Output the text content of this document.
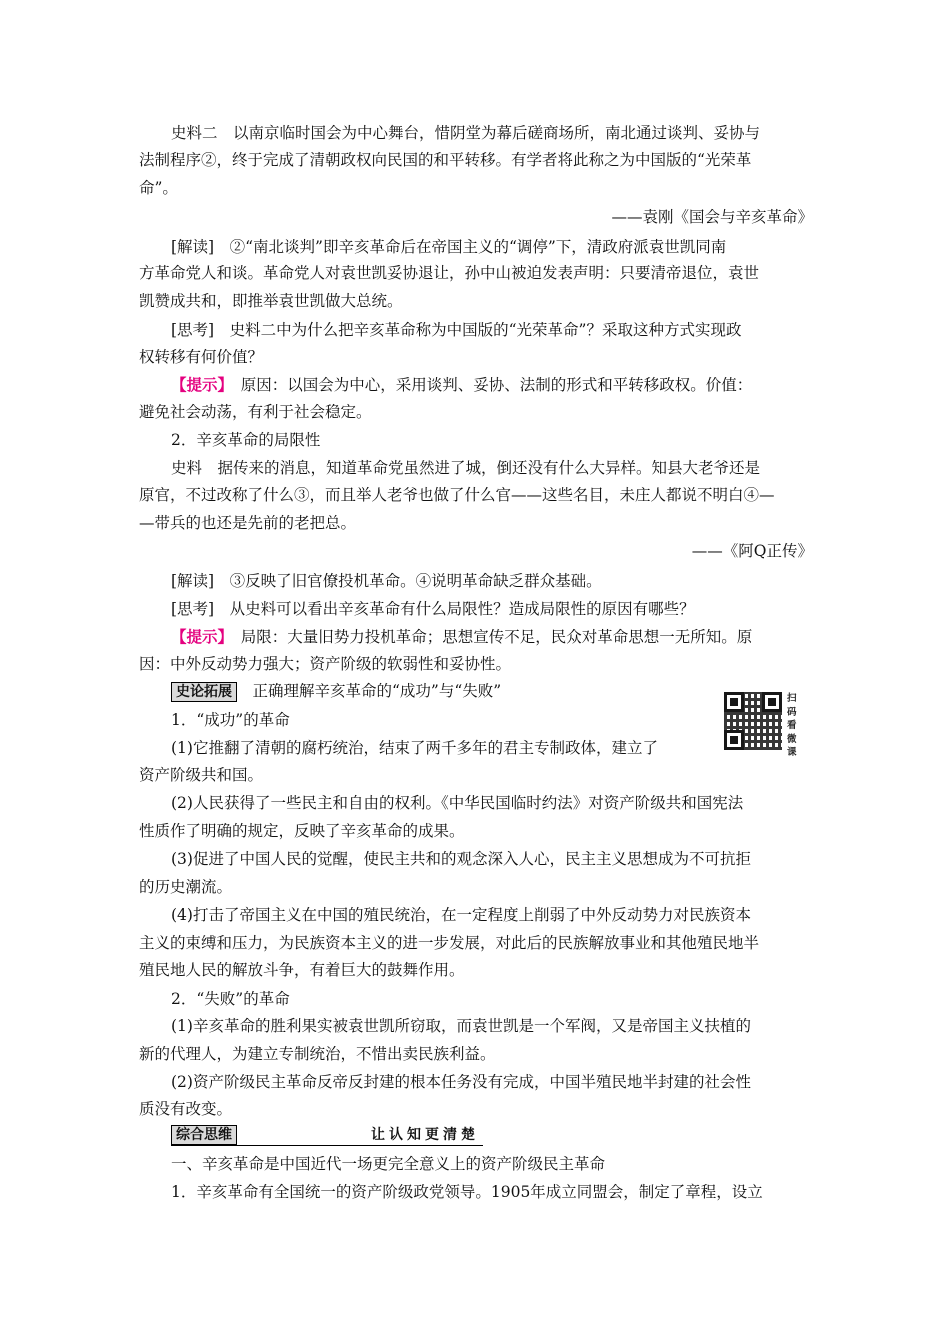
史料二　以南京临时国会为中心舞台，惜阴堂为幕后磋商场所，南北通过谈判、妥协与
法制程序②，终于完成了清朝政权向民国的和平转移。有学者将此称之为中国版的“光荣革
命”。
——袁刚《国会与辛亥革命》
[解读]　②“南北谈判”即辛亥革命后在帝国主义的“调停”下，清政府派袁世凯同南
方革命党人和谈。革命党人对袁世凯妥协退让，孙中山被迫发表声明：只要清帝退位，袁世
凯赞成共和，即推举袁世凯做大总统。
[思考]　史料二中为什么把辛亥革命称为中国版的“光荣革命”？采取这种方式实现政
权转移有何价值？
【提示】　原因：以国会为中心，采用谈判、妥协、法制的形式和平转移政权。价值：
避免社会动荡，有利于社会稳定。
2．辛亥革命的局限性
史料　据传来的消息，知道革命党虽然进了城，倒还没有什么大异样。知县大老爷还是
原官，不过改称了什么③，而且举人老爷也做了什么官——这些名目，未庄人都说不明白④—
—带兵的也还是先前的老把总。
——《阿Q正传》
[解读]　③反映了旧官僚投机革命。④说明革命缺乏群众基础。
[思考]　从史料可以看出辛亥革命有什么局限性？造成局限性的原因有哪些？
【提示】　局限：大量旧势力投机革命；思想宣传不足，民众对革命思想一无所知。原
因：中外反动势力强大；资产阶级的软弱性和妥协性。
史论拓展　正确理解辛亥革命的“成功”与“失败”	扫码看微课
1．“成功”的革命
(1)它推翻了清朝的腐朽统治，结束了两千多年的君主专制政体，建立了
资产阶级共和国。
(2)人民获得了一些民主和自由的权利。《中华民国临时约法》对资产阶级共和国宪法
性质作了明确的规定，反映了辛亥革命的成果。
(3)促进了中国人民的觉醒，使民主共和的观念深入人心，民主主义思想成为不可抗拒
的历史潮流。
(4)打击了帝国主义在中国的殖民统治，在一定程度上削弱了中外反动势力对民族资本
主义的束缚和压力，为民族资本主义的进一步发展，对此后的民族解放事业和其他殖民地半
殖民地人民的解放斗争，有着巨大的鼓舞作用。
2．“失败”的革命
(1)辛亥革命的胜利果实被袁世凯所窃取，而袁世凯是一个军阀，又是帝国主义扶植的
新的代理人，为建立专制统治，不惜出卖民族利益。
(2)资产阶级民主革命反帝反封建的根本任务没有完成，中国半殖民地半封建的社会性
质没有改变。
综合思维	让认知更清楚
一、辛亥革命是中国近代一场更完全意义上的资产阶级民主革命
1．辛亥革命有全国统一的资产阶级政党领导。1905年成立同盟会，制定了章程，设立
